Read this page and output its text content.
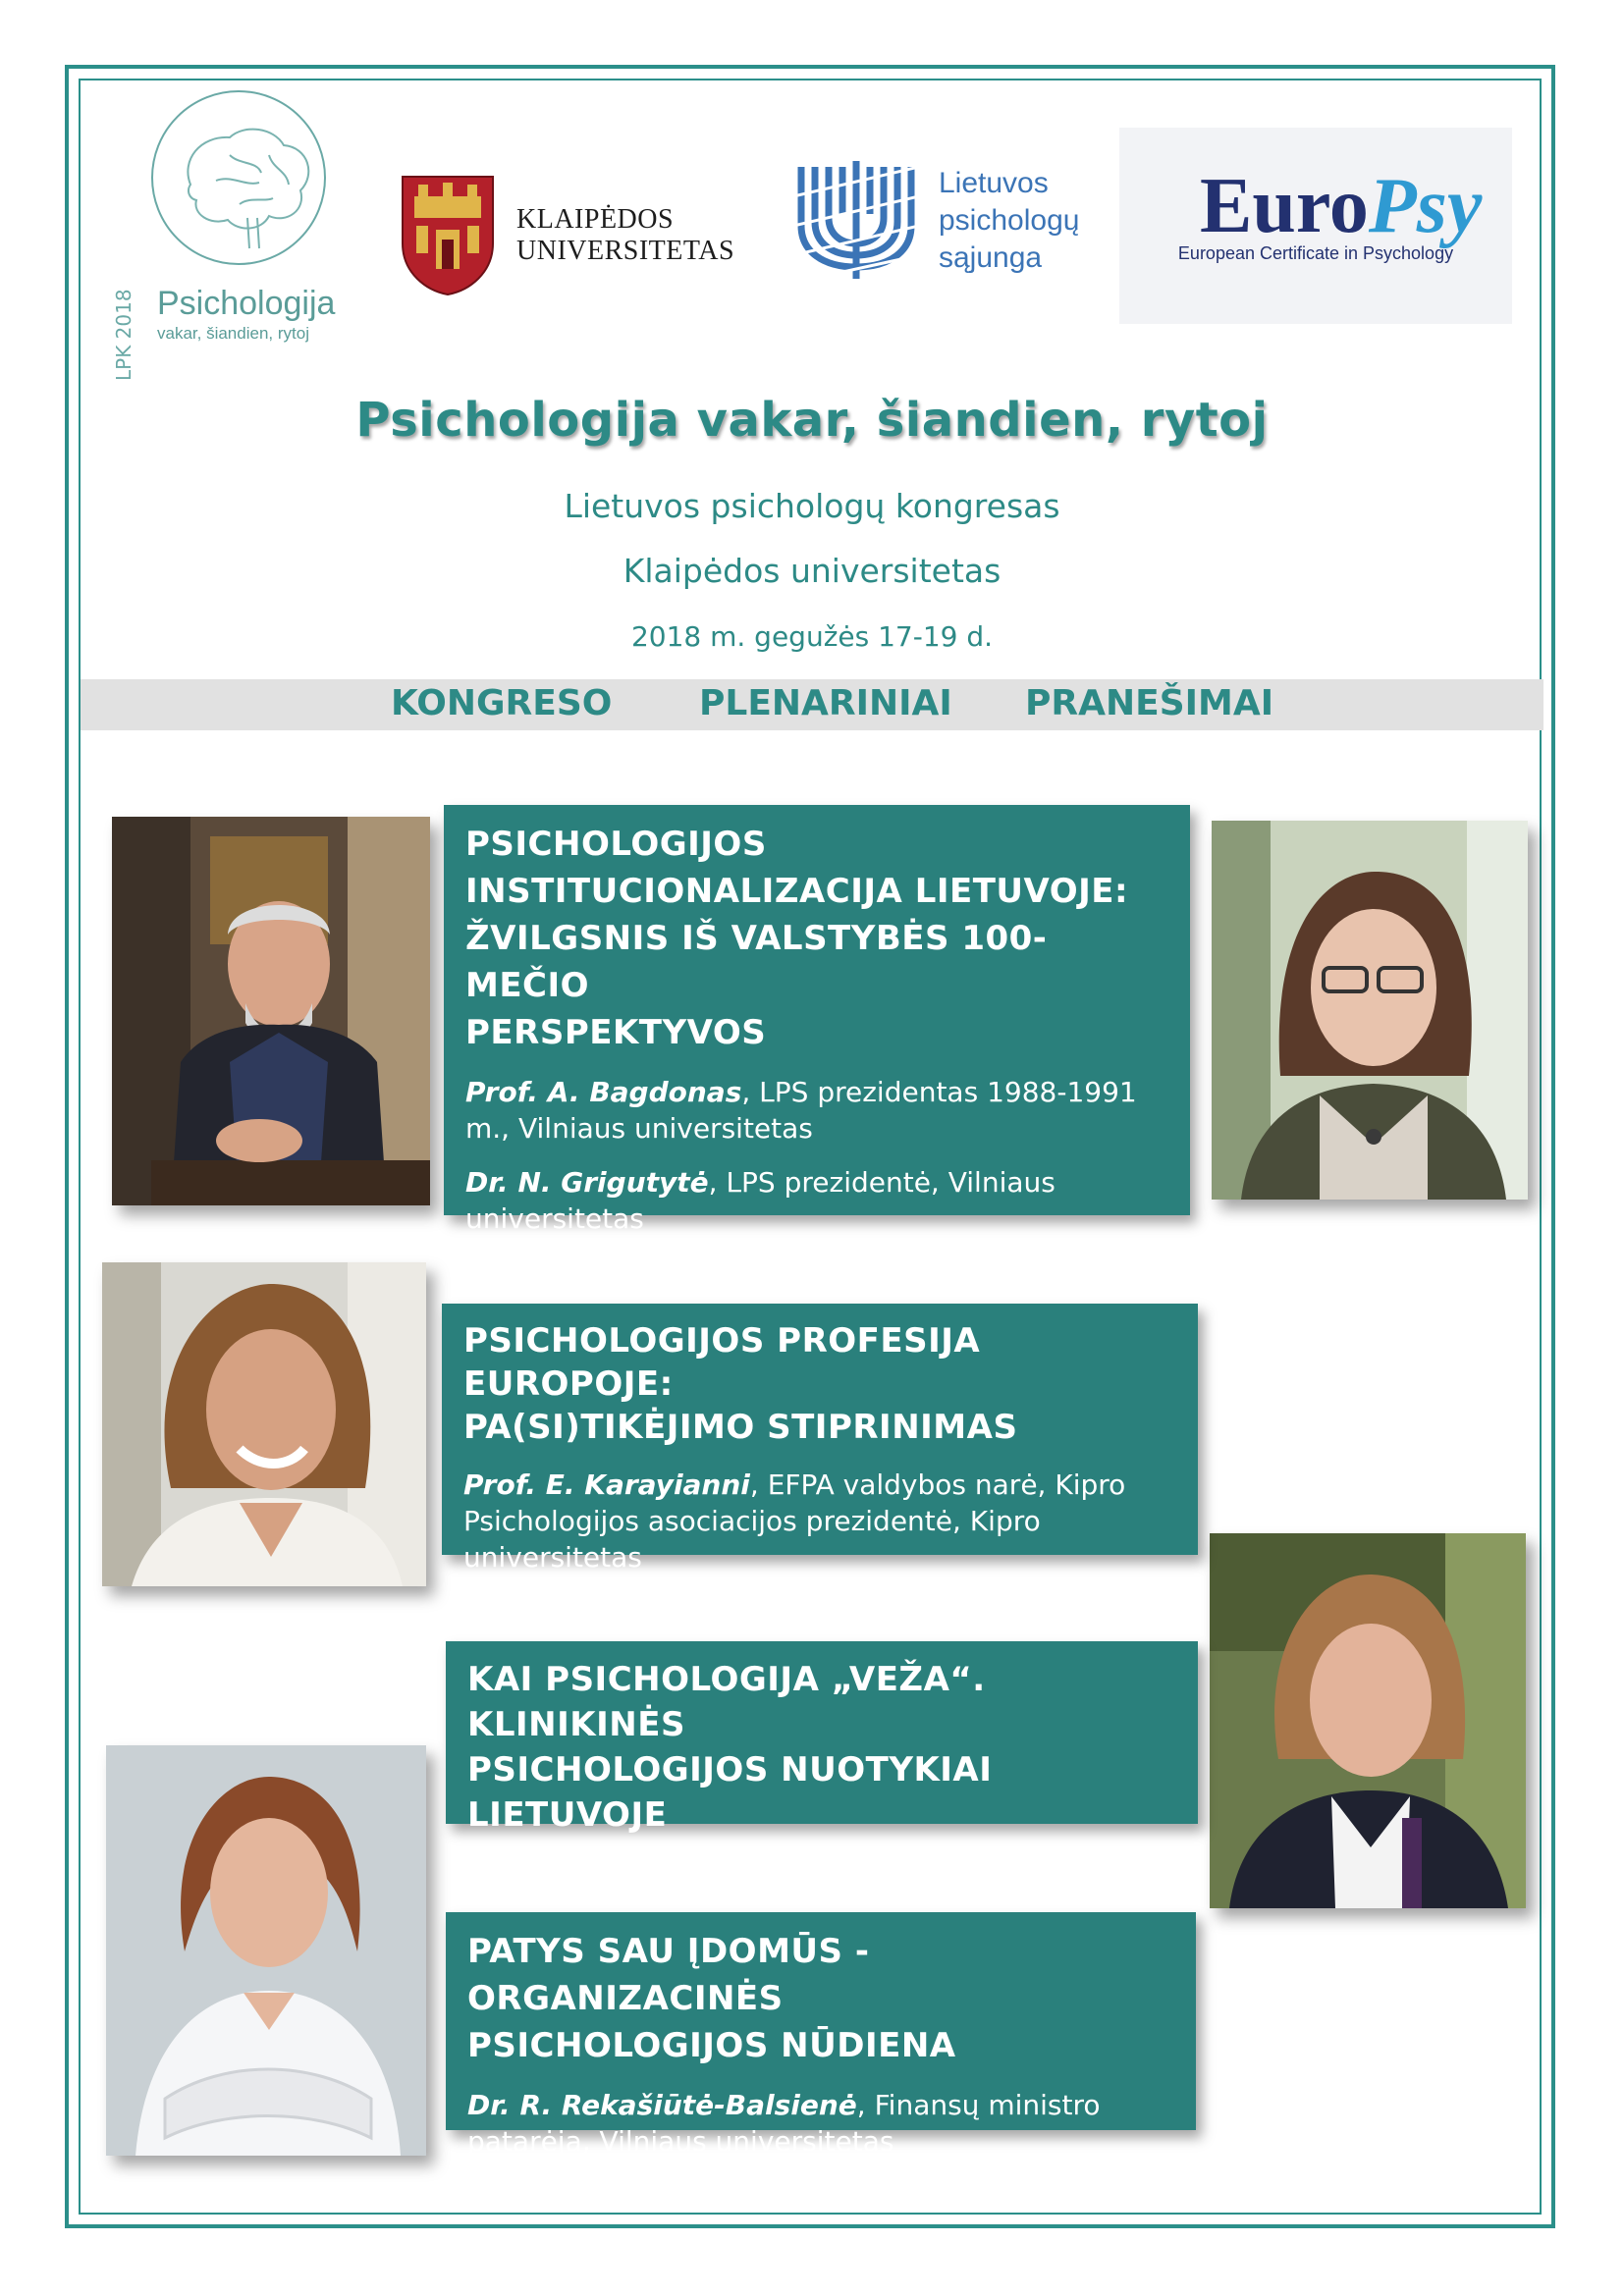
LPK 2018 Psichologija
vakar, šiandien, rytoj
KLAIPĖDOS
UNIVERSITETAS
Lietuvos
psichologų
sąjunga
EuroPsy
European Certificate in Psychology
Psichologija vakar, šiandien, rytoj
Lietuvos psichologų kongresas
Klaipėdos universitetas
2018 m. gegužės 17-19 d.
KONGRESO PLENARINIAI PRANEŠIMAI
PSICHOLOGIJOS
INSTITUCIONALIZACIJA LIETUVOJE:
ŽVILGSNIS IŠ VALSTYBĖS 100-MEČIO
PERSPEKTYVOS
Prof. A. Bagdonas, LPS prezidentas 1988-1991 m., Vilniaus universitetas
Dr. N. Grigutytė, LPS prezidentė, Vilniaus universitetas
PSICHOLOGIJOS PROFESIJA EUROPOJE:
PA(SI)TIKĖJIMO STIPRINIMAS
Prof. E. Karayianni, EFPA valdybos narė, Kipro Psichologijos asociacijos prezidentė, Kipro universitetas
KAI PSICHOLOGIJA „VEŽA“. KLINIKINĖS
PSICHOLOGIJOS NUOTYKIAI LIETUVOJE
Prof. D. Gailienė, Vilniaus universitetas
PATYS SAU ĮDOMŪS - ORGANIZACINĖS
PSICHOLOGIJOS NŪDIENA
Dr. R. Rekašiūtė-Balsienė, Finansų ministro patarėja, Vilniaus universitetas
